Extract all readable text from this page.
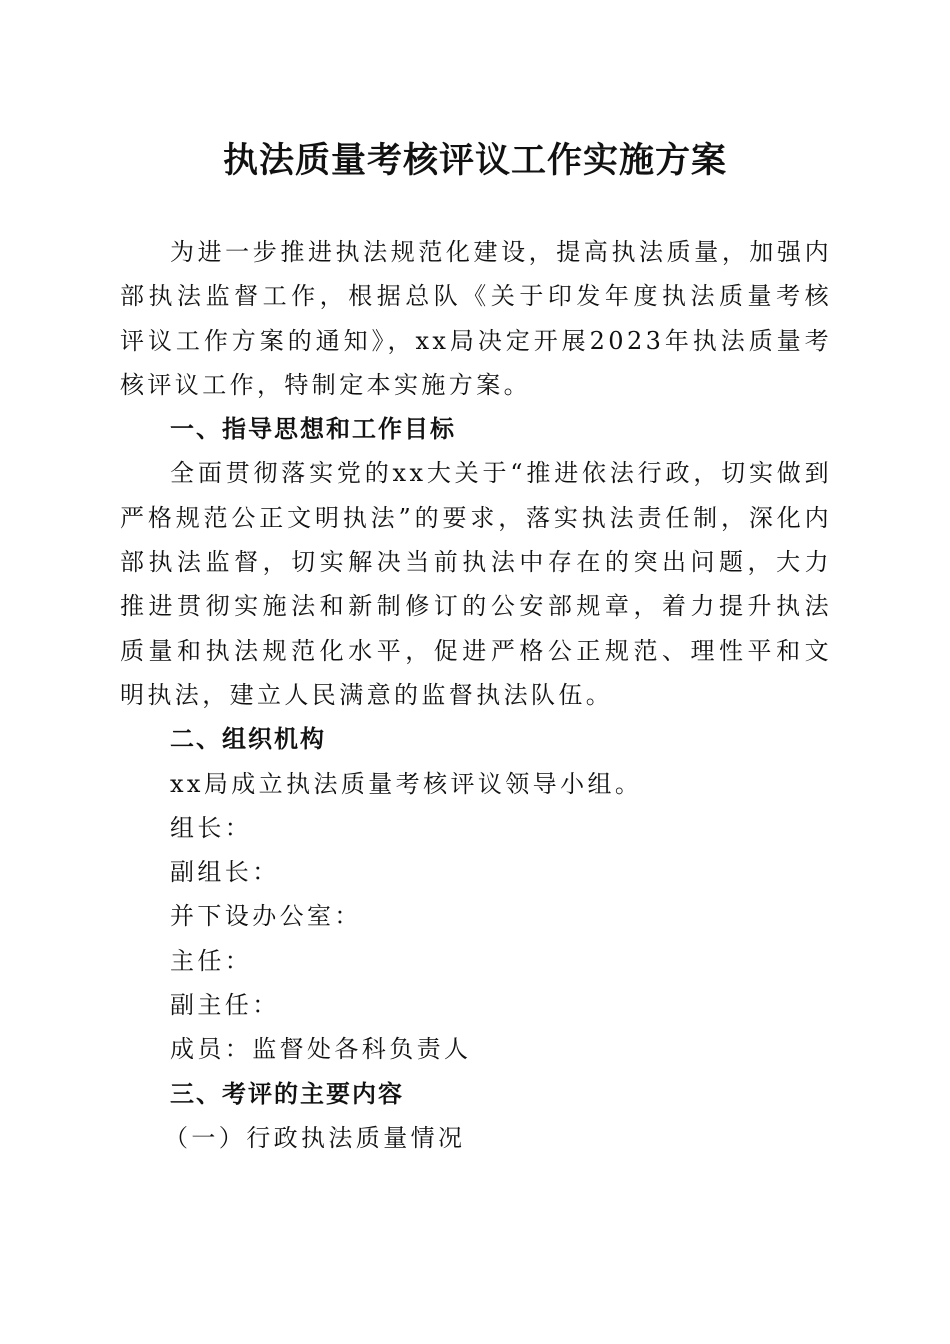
执法质量考核评议工作实施方案

为进一步推进执法规范化建设，提高执法质量，加强内部执法监督工作，根据总队《关于印发年度执法质量考核评议工作方案的通知》，xx局决定开展2023年执法质量考核评议工作，特制定本实施方案。

一、指导思想和工作目标

全面贯彻落实党的xx大关于“推进依法行政，切实做到严格规范公正文明执法”的要求，落实执法责任制，深化内部执法监督，切实解决当前执法中存在的突出问题，大力推进贯彻实施法和新制修订的公安部规章，着力提升执法质量和执法规范化水平，促进严格公正规范、理性平和文明执法，建立人民满意的监督执法队伍。

二、组织机构

xx局成立执法质量考核评议领导小组。

组长：

副组长：

并下设办公室：

主任：

副主任：

成员：监督处各科负责人

三、考评的主要内容

（一）行政执法质量情况
